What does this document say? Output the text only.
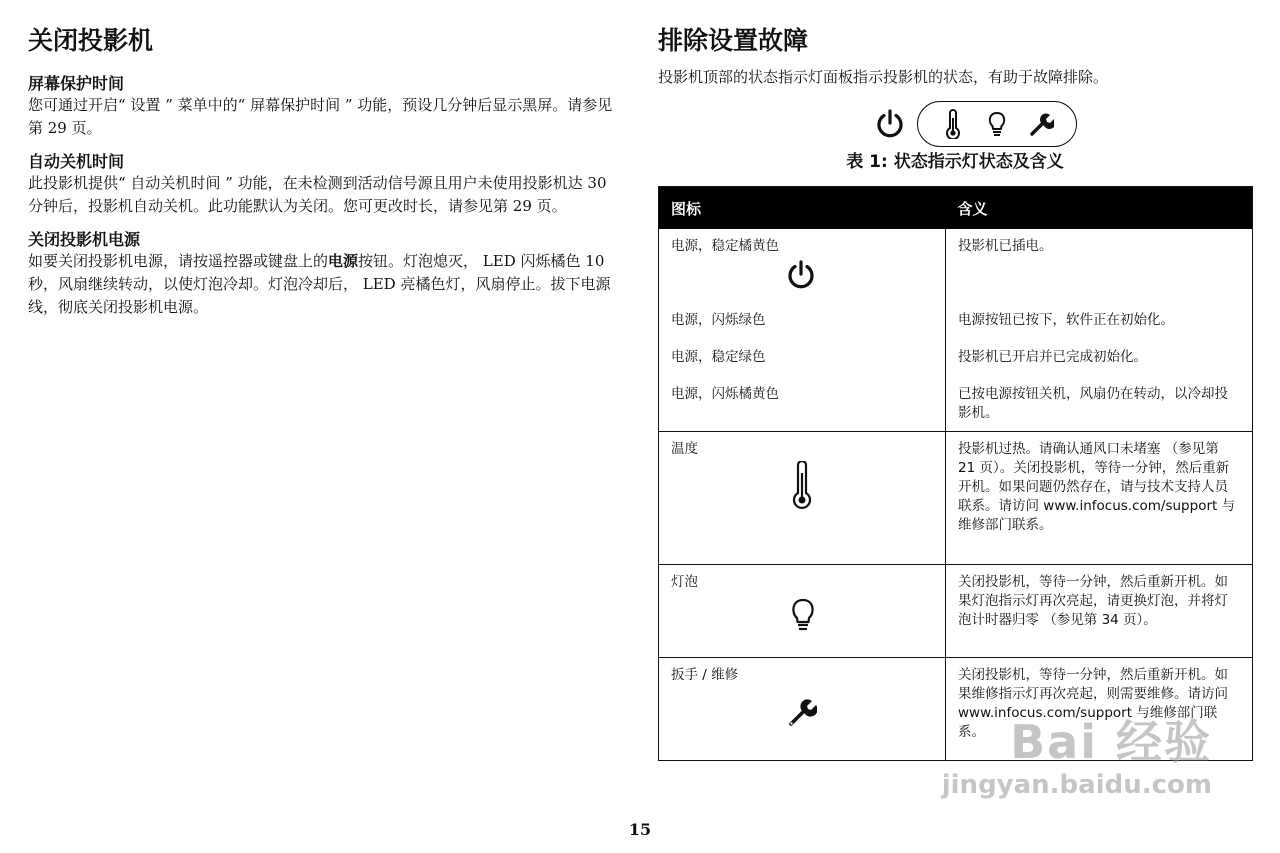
关闭投影机

屏幕保护时间

您可通过开启“ 设置 ” 菜单中的“ 屏幕保护时间 ” 功能，预设几分钟后显示黑屏。请参见第 29 页。

自动关机时间

此投影机提供“ 自动关机时间 ” 功能，在未检测到活动信号源且用户未使用投影机达 30 分钟后，投影机自动关机。此功能默认为关闭。您可更改时长，请参见第 29 页。

关闭投影机电源

如要关闭投影机电源，请按遥控器或键盘上的电源按钮。灯泡熄灭， LED 闪烁橘色 10 秒，风扇继续转动，以使灯泡冷却。灯泡冷却后， LED 亮橘色灯，风扇停止。拔下电源线，彻底关闭投影机电源。

排除设置故障

投影机顶部的状态指示灯面板指示投影机的状态，有助于故障排除。

表 1: 状态指示灯状态及含义

图标	含义

电源，稳定橘黄色	投影机已插电。
电源，闪烁绿色	电源按钮已按下，软件正在初始化。
电源，稳定绿色	投影机已开启并已完成初始化。
电源，闪烁橘黄色	已按电源按钮关机，风扇仍在转动，以冷却投影机。

温度	投影机过热。请确认通风口未堵塞 （参见第 21 页）。关闭投影机，等待一分钟，然后重新开机。如果问题仍然存在，请与技术支持人员联系。请访问 www.infocus.com/support 与维修部门联系。

灯泡	关闭投影机，等待一分钟，然后重新开机。如果灯泡指示灯再次亮起，请更换灯泡，并将灯泡计时器归零 （参见第 34 页）。

扳手 / 维修	关闭投影机，等待一分钟，然后重新开机。如果维修指示灯再次亮起，则需要维修。请访问 www.infocus.com/support 与维修部门联系。 Bai 经验
jingyan.baidu.com
15
